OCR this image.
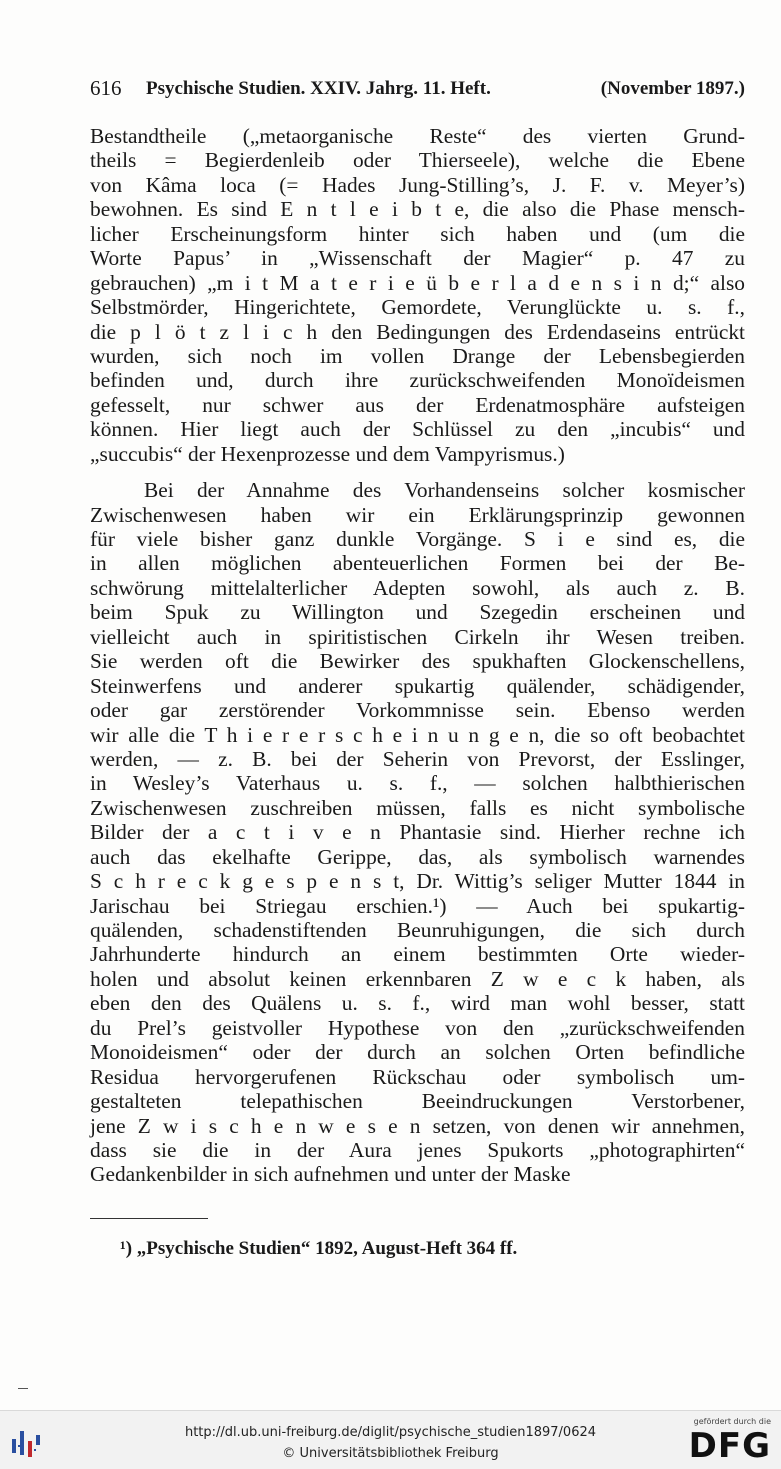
616 Psychische Studien. XXIV. Jahrg. 11. Heft.	(November 1897.)
Bestandtheile („metaorganische Reste“ des vierten Grund-
theils = Begierdenleib oder Thierseele), welche die Ebene
von Kâma loca (= Hades Jung-Stilling’s, J. F. v. Meyer’s)
bewohnen. Es sind E n t l e i b t e, die also die Phase mensch-
licher Erscheinungsform hinter sich haben und (um die
Worte Papus’ in „Wissenschaft der Magier“ p. 47 zu
gebrauchen) „m i t M a t e r i e ü b e r l a d e n s i n d;“ also
Selbstmörder, Hingerichtete, Gemordete, Verunglückte u. s. f.,
die p l ö t z l i c h den Bedingungen des Erdendaseins entrückt
wurden, sich noch im vollen Drange der Lebensbegierden
befinden und, durch ihre zurückschweifenden Monoïdeismen
gefesselt, nur schwer aus der Erdenatmosphäre aufsteigen
können. Hier liegt auch der Schlüssel zu den „incubis“ und
„succubis“ der Hexenprozesse und dem Vampyrismus.)
Bei der Annahme des Vorhandenseins solcher kosmischer
Zwischenwesen haben wir ein Erklärungsprinzip gewonnen
für viele bisher ganz dunkle Vorgänge. S i e sind es, die
in allen möglichen abenteuerlichen Formen bei der Be-
schwörung mittelalterlicher Adepten sowohl, als auch z. B.
beim Spuk zu Willington und Szegedin erscheinen und
vielleicht auch in spiritistischen Cirkeln ihr Wesen treiben.
Sie werden oft die Bewirker des spukhaften Glockenschellens,
Steinwerfens und anderer spukartig quälender, schädigender,
oder gar zerstörender Vorkommnisse sein. Ebenso werden
wir alle die T h i e r e r s c h e i n u n g e n, die so oft beobachtet
werden, — z. B. bei der Seherin von Prevorst, der Esslinger,
in Wesley’s Vaterhaus u. s. f., — solchen halbthierischen
Zwischenwesen zuschreiben müssen, falls es nicht symbolische
Bilder der a c t i v e n Phantasie sind. Hierher rechne ich
auch das ekelhafte Gerippe, das, als symbolisch warnendes
S c h r e c k g e s p e n s t, Dr. Wittig’s seliger Mutter 1844 in
Jarischau bei Striegau erschien.¹) — Auch bei spukartig-
quälenden, schadenstiftenden Beunruhigungen, die sich durch
Jahrhunderte hindurch an einem bestimmten Orte wieder-
holen und absolut keinen erkennbaren Z w e c k haben, als
eben den des Quälens u. s. f., wird man wohl besser, statt
du Prel’s geistvoller Hypothese von den „zurückschweifenden
Monoideismen“ oder der durch an solchen Orten befindliche
Residua hervorgerufenen Rückschau oder symbolisch um-
gestalteten telepathischen Beeindruckungen Verstorbener,
jene Z w i s c h e n w e s e n setzen, von denen wir annehmen,
dass sie die in der Aura jenes Spukorts „photographirten“
Gedankenbilder in sich aufnehmen und unter der Maske
¹) „Psychische Studien“ 1892, August-Heft 364 ff.
http://dl.ub.uni-freiburg.de/diglit/psychische_studien1897/0624
© Universitätsbibliothek Freiburg
gefördert durch die
DFG
